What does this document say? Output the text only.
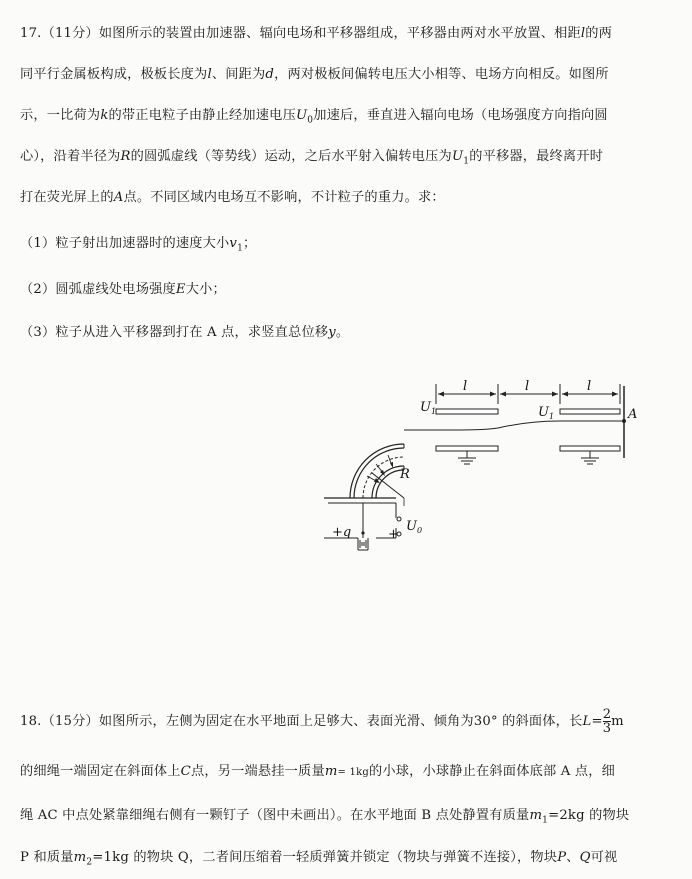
17.（11分）如图所示的装置由加速器、辐向电场和平移器组成，平移器由两对水平放置、相距l的两
同平行金属板构成，极板长度为l、间距为d，两对极板间偏转电压大小相等、电场方向相反。如图所
示，一比荷为k的带正电粒子由静止经加速电压$U_0$加速后，垂直进入辐向电场（电场强度方向指向圆
心），沿着半径为R的圆弧虚线（等势线）运动，之后水平射入偏转电压为$U_1$的平移器，最终离开时
打在荧光屏上的A点。不同区域内电场互不影响，不计粒子的重力。求：
（1）粒子射出加速器时的速度大小$v_1$；
（2）圆弧虚线处电场强度E大小；
（3）粒子从进入平移器到打在 A 点，求竖直总位移y。
l	l	l
$U_1$	$U_1$	A
R
+q	+
$U_0$
18.（15分）如图所示，左侧为固定在水平地面上足够大、表面光滑、倾角为30° 的斜面体，长$L= \frac{2}{3}$ m
的细绳一端固定在斜面体上C点，另一端悬挂一质量m= 1kg的小球，小球静止在斜面体底部 A 点，细
绳 AC 中点处紧靠细绳右侧有一颗钉子（图中未画出）。在水平地面 B 点处静置有质量$m_1=2kg$ 的物块
P 和质量$m_2=1kg$ 的物块 Q，二者间压缩着一轻质弹簧并锁定（物块与弹簧不连接），物块P、Q可视
